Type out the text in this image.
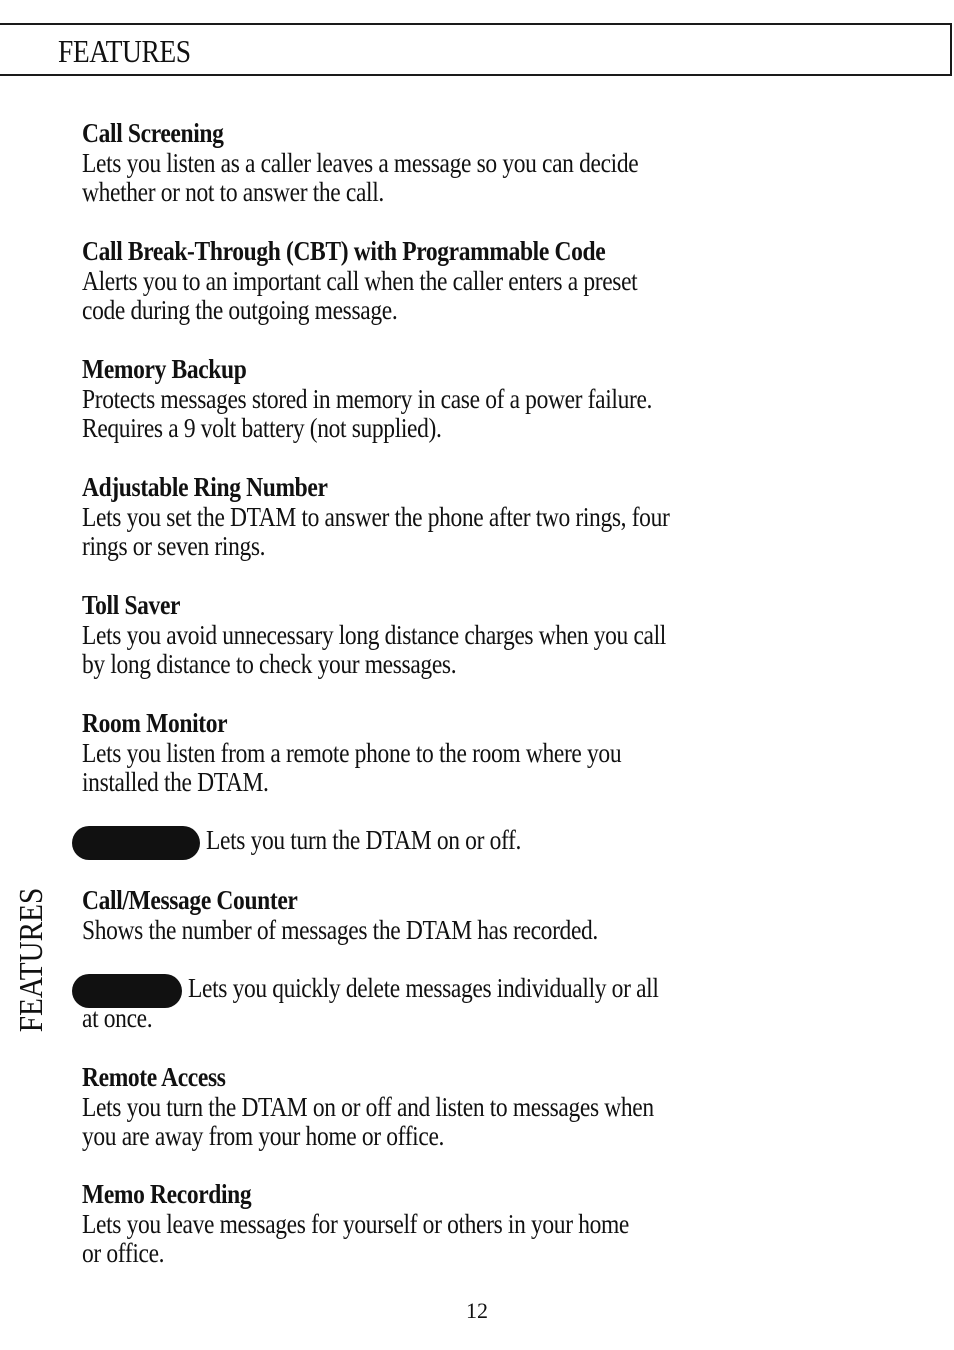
FEATURES
FEATURES
Call Screening
Lets you listen as a caller leaves a message so you can decide
whether or not to answer the call.
Call Break-Through (CBT) with Programmable Code
Alerts you to an important call when the caller enters a preset
code during the outgoing message.
Memory Backup
Protects messages stored in memory in case of a power failure.
Requires a 9 volt battery (not supplied).
Adjustable Ring Number
Lets you set the DTAM to answer the phone after two rings, four
rings or seven rings.
Toll Saver
Lets you avoid unnecessary long distance charges when you call
by long distance to check your messages.
Room Monitor
Lets you listen from a remote phone to the room where you
installed the DTAM.
Lets you turn the DTAM on or off.
Call/Message Counter
Shows the number of messages the DTAM has recorded.
Lets you quickly delete messages individually or all
at once.
Remote Access
Lets you turn the DTAM on or off and listen to messages when
you are away from your home or office.
Memo Recording
Lets you leave messages for yourself or others in your home
or office.
12
